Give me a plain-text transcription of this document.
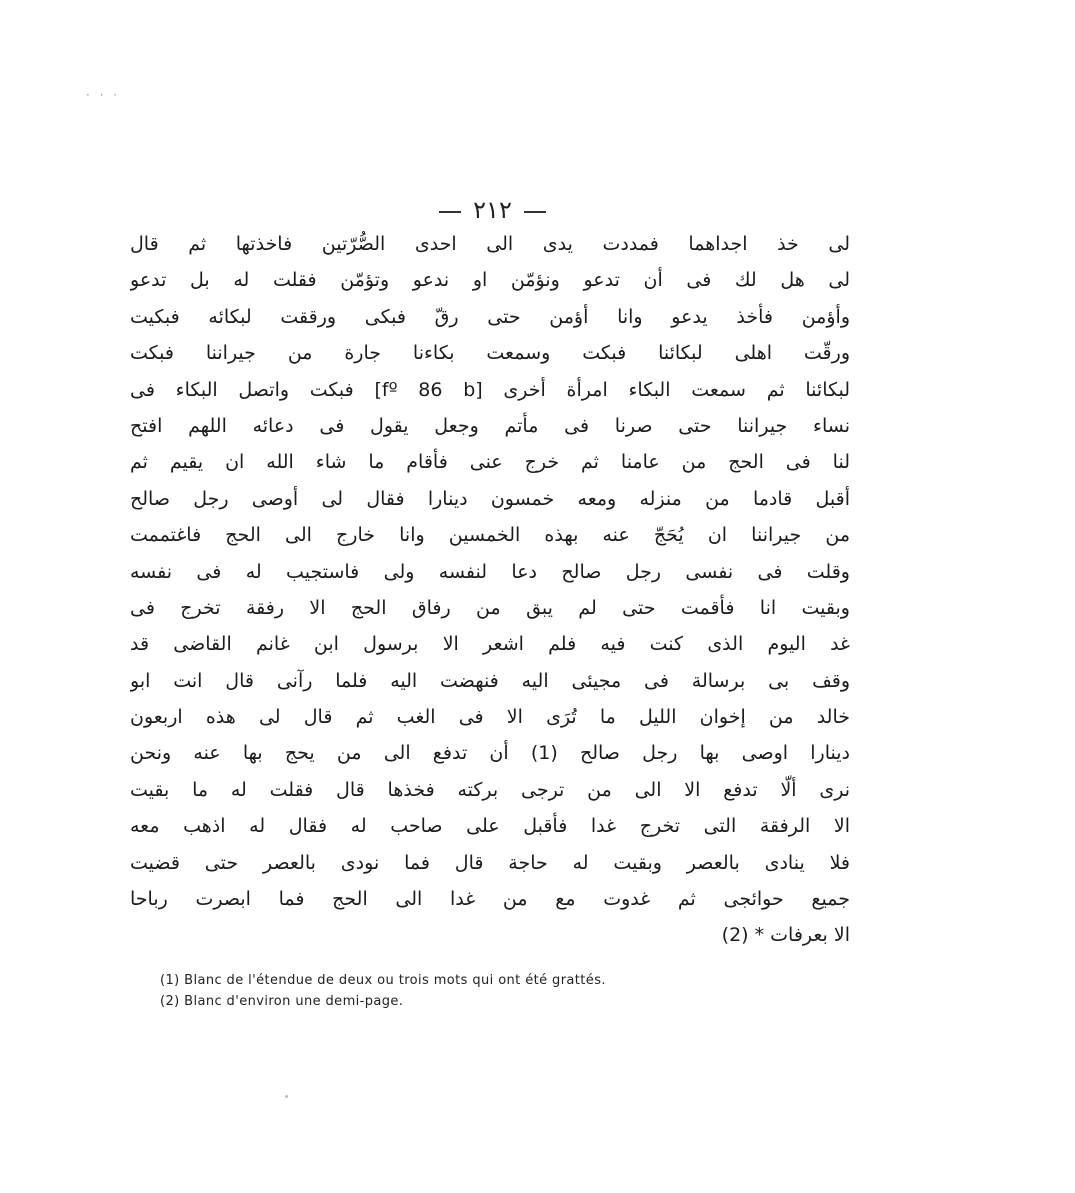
· · ·
٢١٢
لى خذ اجداهما فمددت يدى الى احدى الصُّرّتين فاخذتها ثم قال
لى هل لك فى أن تدعو ونؤمّن او ندعو وتؤمّن فقلت له بل تدعو
وأؤمن فأخذ يدعو وانا أؤمن حتى رقّ فبكى ورققت لبكائه فبكيت
ورقّت اهلى لبكائنا فبكت وسمعت بكاءنا جارة من جيراننا فبكت
لبكائنا ثم سمعت البكاء امرأة أخرى [fº 86 b] فبكت واتصل البكاء فى
نساء جيراننا حتى صرنا فى مأتم وجعل يقول فى دعائه اللهم افتح
لنا فى الحج من عامنا ثم خرج عنى فأقام ما شاء الله ان يقيم ثم
أقبل قادما من منزله ومعه خمسون دينارا فقال لى أوصى رجل صالح
من جيراننا ان يُحَجّ عنه بهذه الخمسين وانا خارج الى الحج فاغتممت
وقلت فى نفسى رجل صالح دعا لنفسه ولى فاستجيب له فى نفسه
وبقيت انا فأقمت حتى لم يبق من رفاق الحج الا رفقة تخرج فى
غد اليوم الذى كنت فيه فلم اشعر الا برسول ابن غانم القاضى قد
وقف بى برسالة فى مجيئى اليه فنهضت اليه فلما رآنى قال انت ابو
خالد من إخوان الليل ما تُرَى الا فى الغب ثم قال لى هذه اربعون
دينارا اوصى بها رجل صالح (1) أن تدفع الى من يحج بها عنه ونحن
نرى ألّا تدفع الا الى من ترجى بركته فخذها قال فقلت له ما بقيت
الا الرفقة التى تخرج غدا فأقبل على صاحب له فقال له اذهب معه
فلا ينادى بالعصر وبقيت له حاجة قال فما نودى بالعصر حتى قضيت
جميع حوائجى ثم غدوت مع من غدا الى الحج فما ابصرت رباحا
الا بعرفات * (2)
(1) Blanc de l'étendue de deux ou trois mots qui ont été grattés.
(2) Blanc d'environ une demi-page.
